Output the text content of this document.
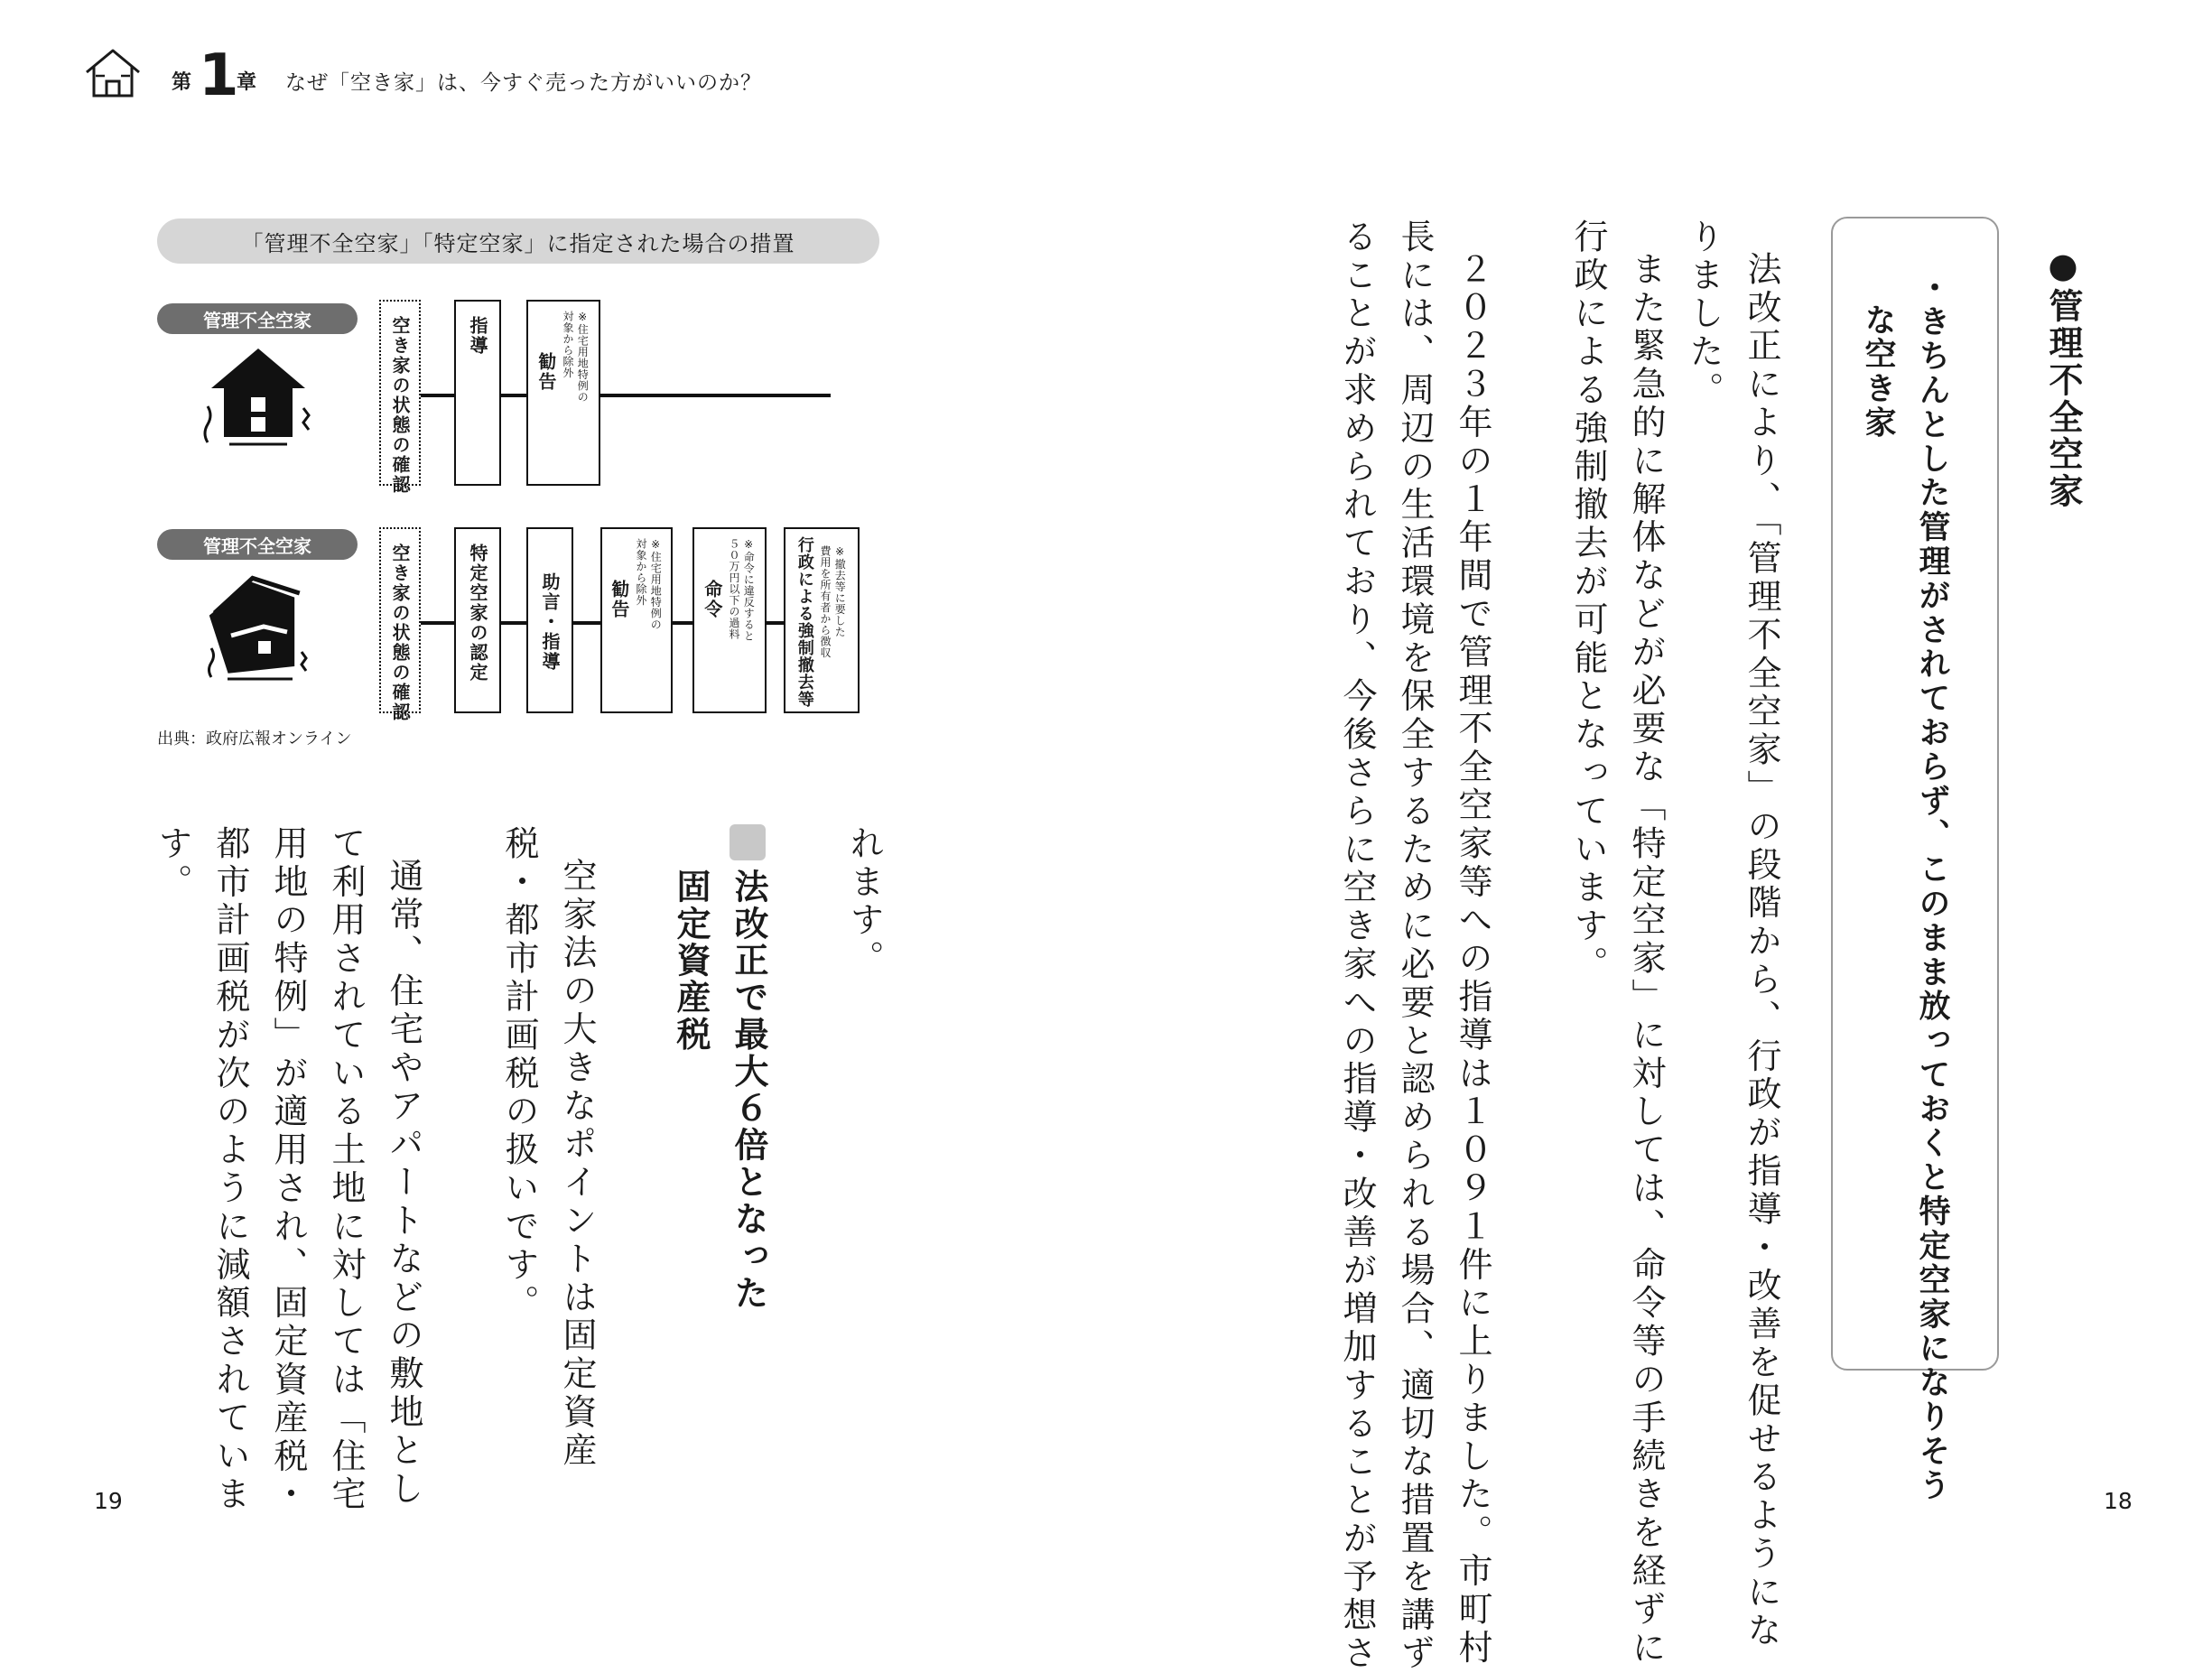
第 1
章 なぜ「空き家」は、今すぐ売った方がいいのか？
●管理不全空家
・きちんとした管理がされておらず、このまま放っておくと特定空家になりそう
な空き家
法改正により、「管理不全空家」の段階から、行政が指導・改善を促せるようにな
りました。
また緊急的に解体などが必要な「特定空家」に対しては、命令等の手続きを経ずに
行政による強制撤去が可能となっています。
２０２３年の１年間で管理不全空家等への指導は１０９１件に上りました。市町村
長には、周辺の生活環境を保全するために必要と認められる場合、適切な措置を講ず
ることが求められており、今後さらに空き家への指導・改善が増加することが予想さ	18
「管理不全空家」「特定空家」に指定された場合の措置
管理不全空家	空き家の状態の確認	指導
勧告	※住宅用地特例の
対象から除外
管理不全空家	空き家の状態の確認	特定空家の認定	助言・指導	勧告	※住宅用地特例の
対象から除外	命令	※命令に違反すると
５０万円以下の過料	行政による強制撤去等	※撤去等に要した
費用を所有者から徴収
出典：政府広報オンライン
れます。
法改正で最大６倍となった
固定資産税
空家法の大きなポイントは固定資産
税・都市計画税の扱いです。
通常、住宅やアパートなどの敷地とし
て利用されている土地に対しては「住宅
用地の特例」が適用され、固定資産税・
都市計画税が次のように減額されていま
す。
19
